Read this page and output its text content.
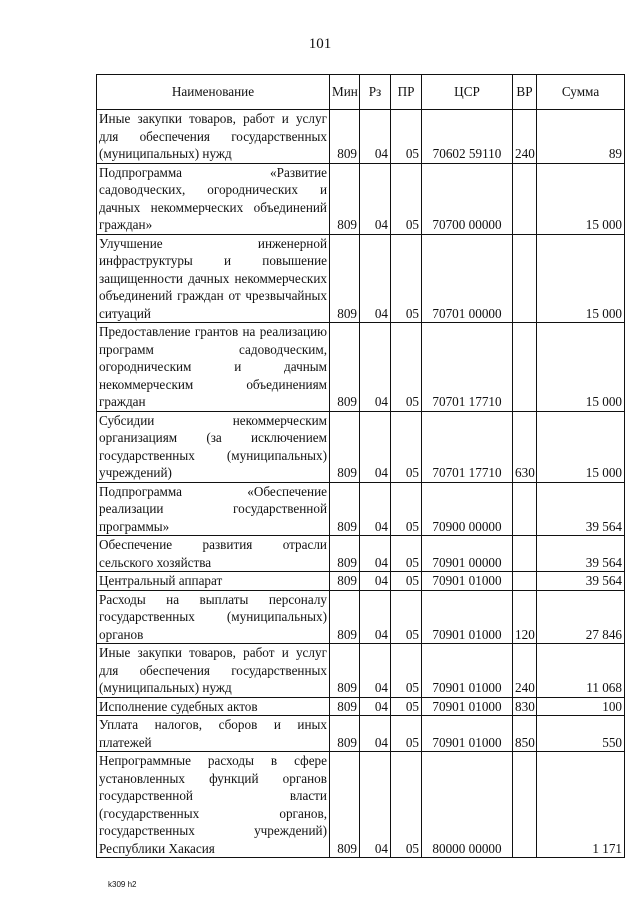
101
Наименование	Мин	Рз	ПР	ЦСР	ВР	Сумма
Иные закупки товаров, работ и услуг для обеспечения государственных (муниципальных) нужд	809	04	05	70602 59110	240	89
Подпрограмма «Развитие садоводческих, огороднических и дачных некоммерческих объединений граждан»	809	04	05	70700 00000		15 000
Улучшение инженерной инфраструктуры и повышение защищенности дачных некоммерческих объединений граждан от чрезвычайных ситуаций	809	04	05	70701 00000		15 000
Предоставление грантов на реализацию программ садоводческим, огородническим и дачным некоммерческим объединениям граждан	809	04	05	70701 17710		15 000
Субсидии некоммерческим организациям (за исключением государственных (муниципальных) учреждений)	809	04	05	70701 17710	630	15 000
Подпрограмма «Обеспечение реализации государственной программы»	809	04	05	70900 00000		39 564
Обеспечение развития отрасли сельского хозяйства	809	04	05	70901 00000		39 564
Центральный аппарат	809	04	05	70901 01000		39 564
Расходы на выплаты персоналу государственных (муниципальных) органов	809	04	05	70901 01000	120	27 846
Иные закупки товаров, работ и услуг для обеспечения государственных (муниципальных) нужд	809	04	05	70901 01000	240	11 068
Исполнение судебных актов	809	04	05	70901 01000	830	100
Уплата налогов, сборов и иных платежей	809	04	05	70901 01000	850	550
Непрограммные расходы в сфере установленных функций органов государственной власти (государственных органов, государственных учреждений) Республики Хакасия	809	04	05	80000 00000		1 171
k309 h2
